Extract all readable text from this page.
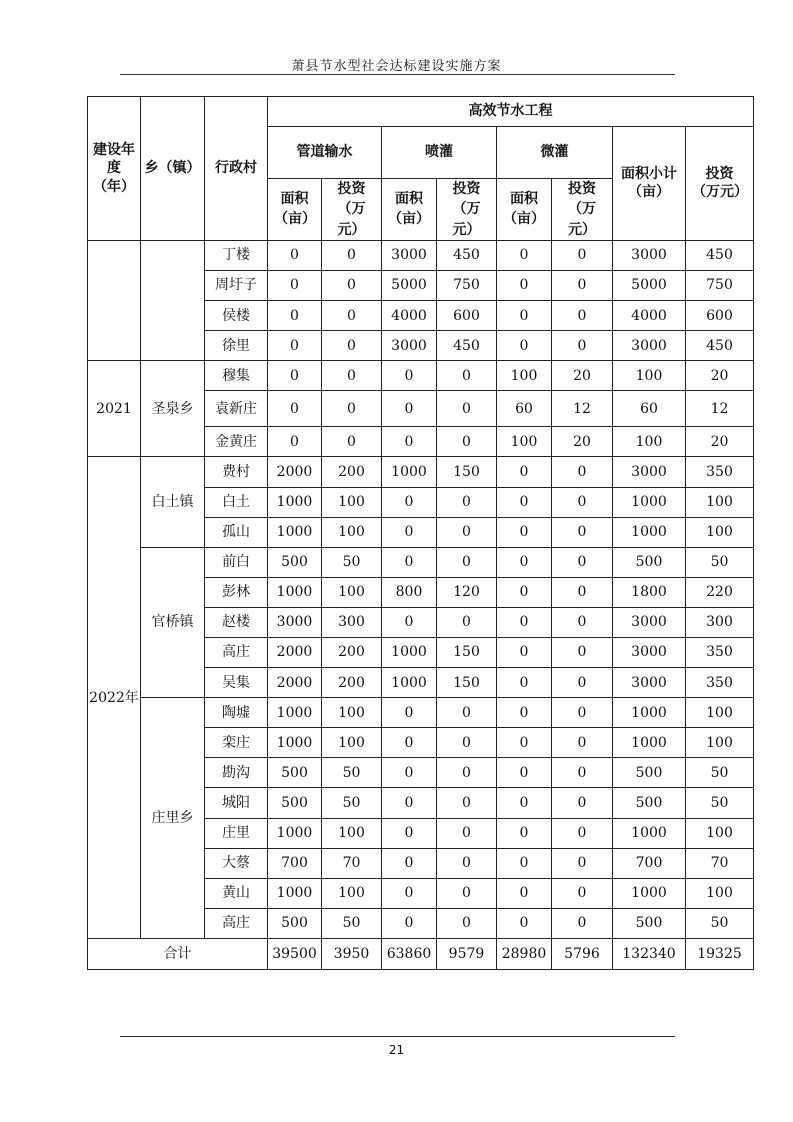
萧县节水型社会达标建设实施方案
建设年度（年）	乡（镇）	行政村	高效节水工程							
			管道输水		喷灌		微灌		面积小计（亩）	投资（万元）
			面积（亩）	投资（万元）	面积（亩）	投资（万元）	面积（亩）	投资（万元）		
		丁楼	0	0	3000	450	0	0	3000	450
		周圩子	0	0	5000	750	0	0	5000	750
		侯楼	0	0	4000	600	0	0	4000	600
		徐里	0	0	3000	450	0	0	3000	450
2021	圣泉乡	穆集	0	0	0	0	100	20	100	20
		袁新庄	0	0	0	0	60	12	60	12
		金黄庄	0	0	0	0	100	20	100	20
2022年	白土镇	费村	2000	200	1000	150	0	0	3000	350
		白土	1000	100	0	0	0	0	1000	100
		孤山	1000	100	0	0	0	0	1000	100
	官桥镇	前白	500	50	0	0	0	0	500	50
		彭林	1000	100	800	120	0	0	1800	220
		赵楼	3000	300	0	0	0	0	3000	300
		高庄	2000	200	1000	150	0	0	3000	350
		吴集	2000	200	1000	150	0	0	3000	350
	庄里乡	陶墟	1000	100	0	0	0	0	1000	100
		栾庄	1000	100	0	0	0	0	1000	100
		勘沟	500	50	0	0	0	0	500	50
		城阳	500	50	0	0	0	0	500	50
		庄里	1000	100	0	0	0	0	1000	100
		大蔡	700	70	0	0	0	0	700	70
		黄山	1000	100	0	0	0	0	1000	100
		高庄	500	50	0	0	0	0	500	50
合计			39500	3950	63860	9579	28980	5796	132340	19325
21
